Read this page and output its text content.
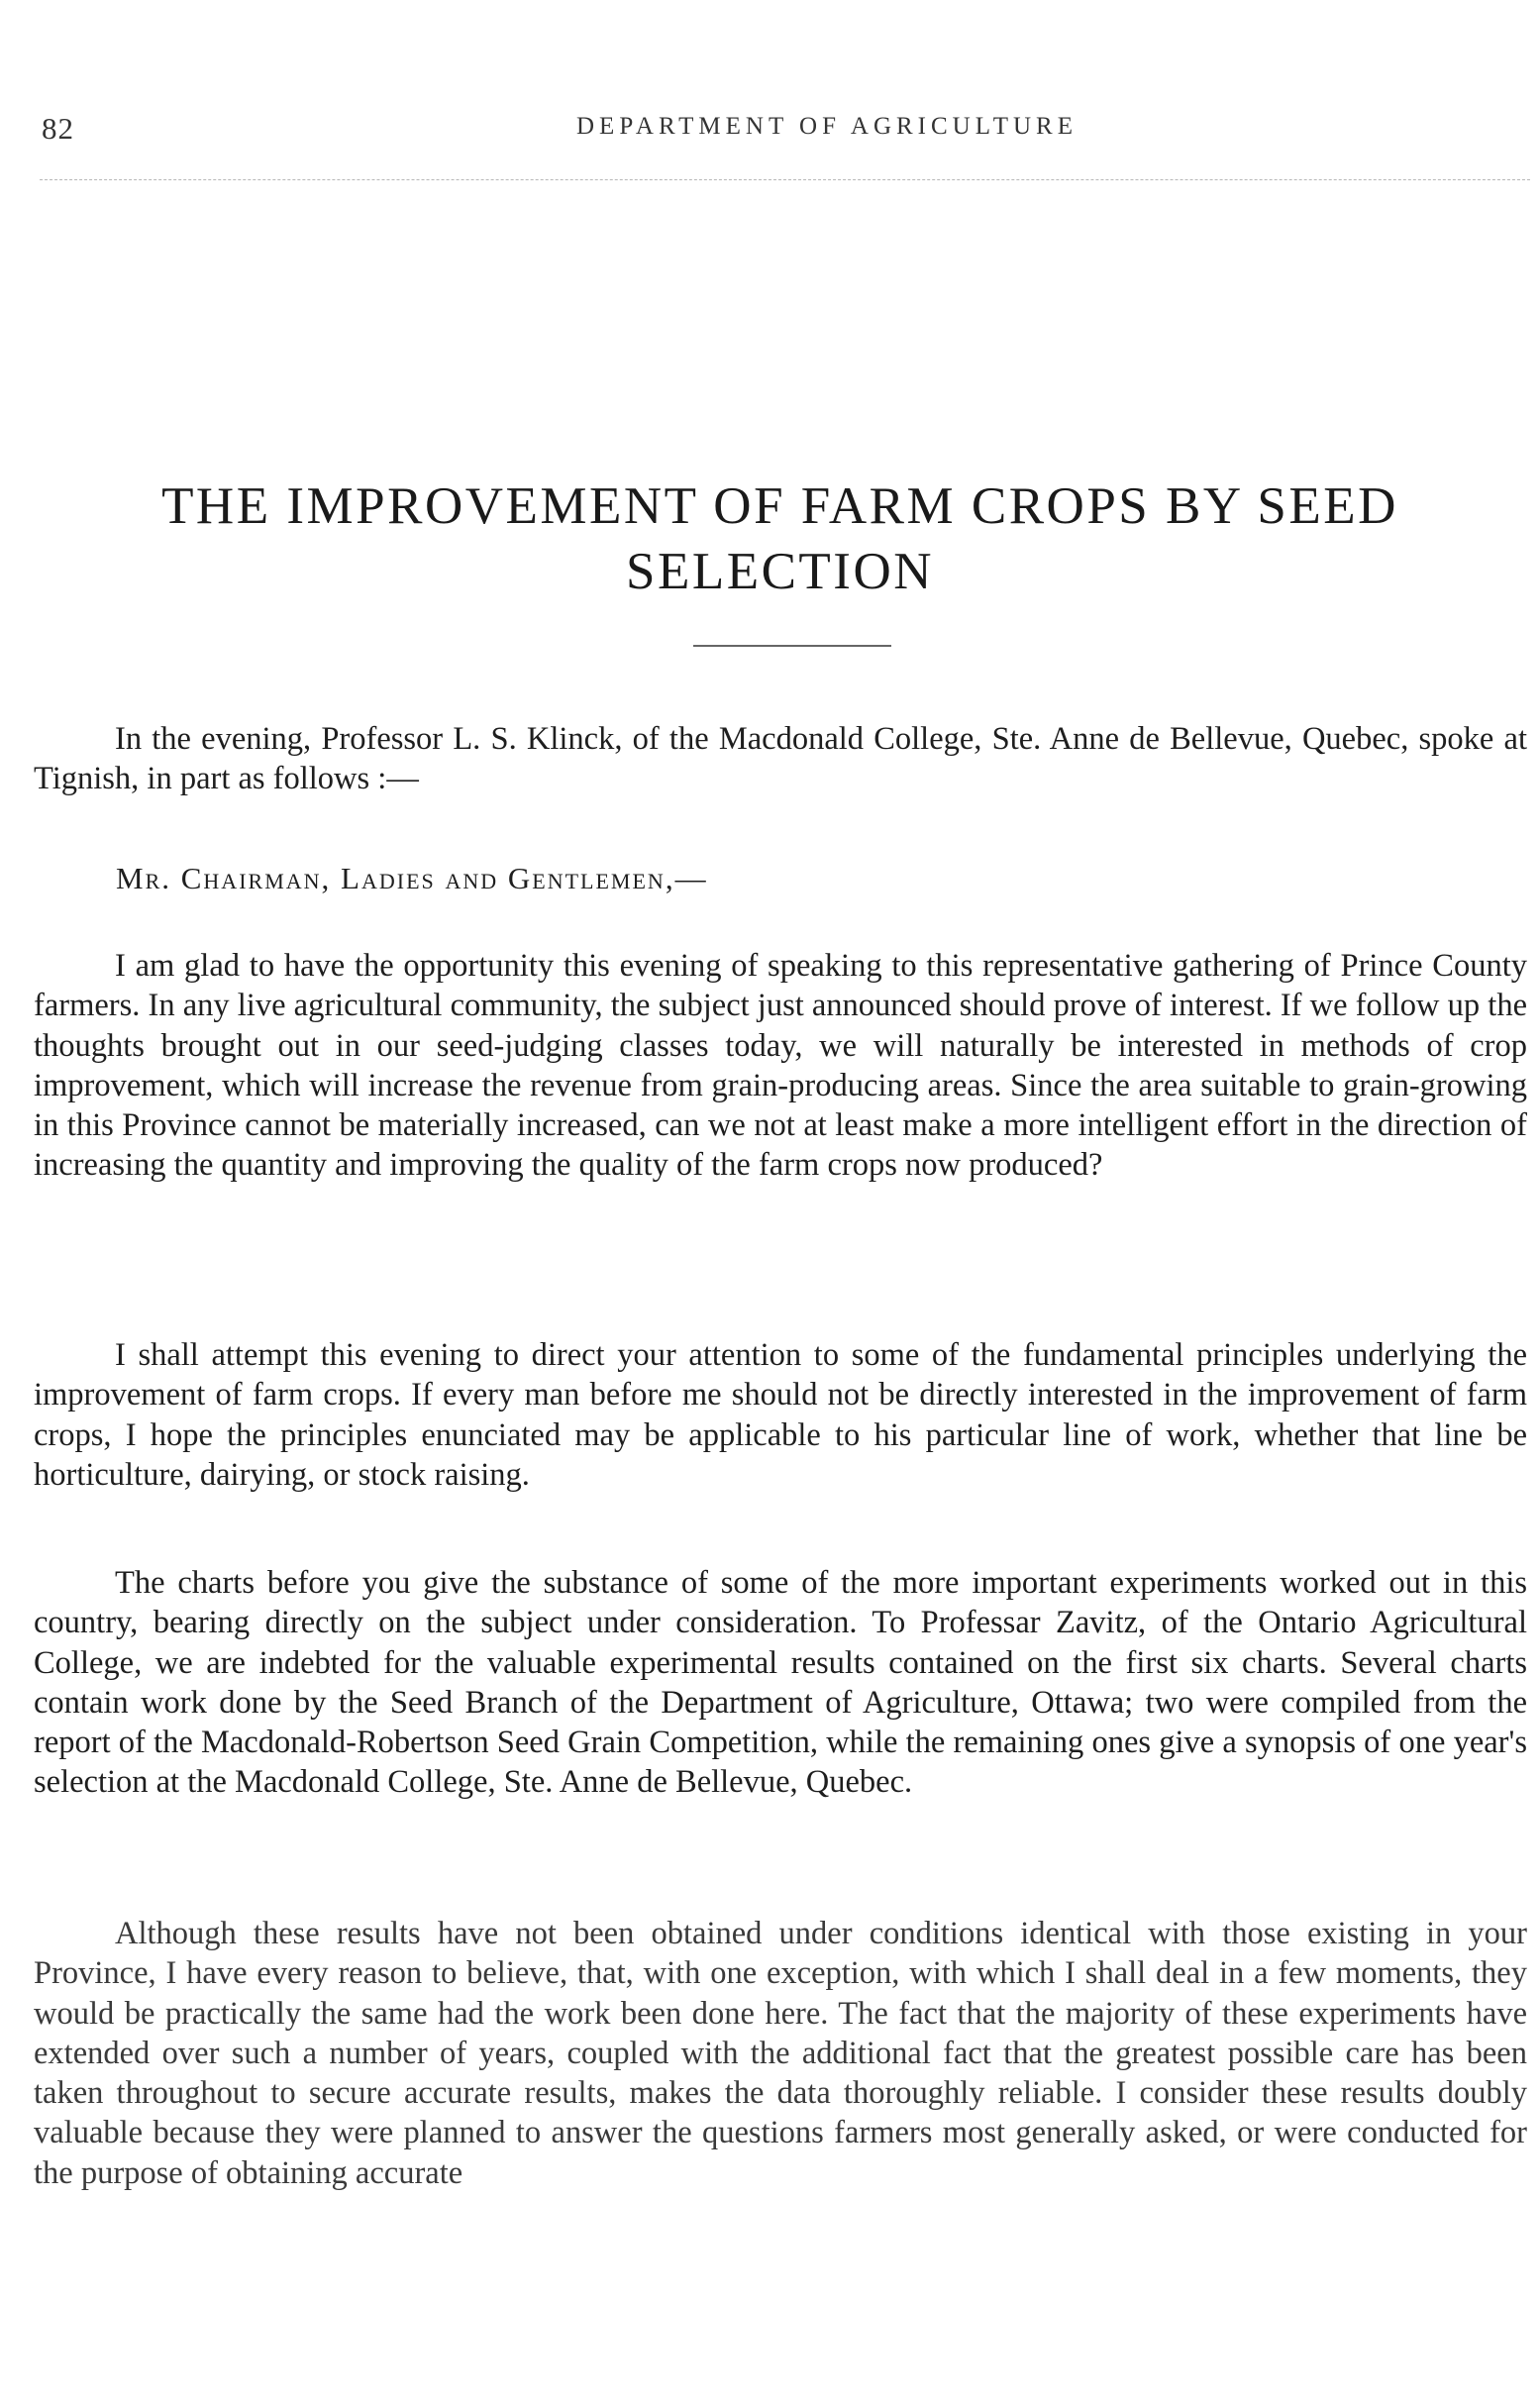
82	DEPARTMENT OF AGRICULTURE
THE IMPROVEMENT OF FARM CROPS BY SEED SELECTION

In the evening, Professor L. S. Klinck, of the Macdonald College, Ste. Anne de Bellevue, Quebec, spoke at Tignish, in part as follows :—

Mr. Chairman, Ladies and Gentlemen,—

I am glad to have the opportunity this evening of speaking to this representative gathering of Prince County farmers. In any live agricultural community, the subject just announced should prove of interest. If we follow up the thoughts brought out in our seed-judging classes today, we will naturally be interested in methods of crop improvement, which will increase the revenue from grain-producing areas. Since the area suitable to grain-growing in this Province cannot be materially increased, can we not at least make a more intelligent effort in the direction of increasing the quantity and improving the quality of the farm crops now produced?

I shall attempt this evening to direct your attention to some of the fundamental principles underlying the improvement of farm crops. If every man before me should not be directly interested in the improvement of farm crops, I hope the principles enunciated may be applicable to his particular line of work, whether that line be horticulture, dairying, or stock raising.

The charts before you give the substance of some of the more important experiments worked out in this country, bearing directly on the subject under consideration. To Professar Zavitz, of the Ontario Agricultural College, we are indebted for the valuable experimental results contained on the first six charts. Several charts contain work done by the Seed Branch of the Department of Agriculture, Ottawa; two were compiled from the report of the Macdonald-Robertson Seed Grain Competition, while the remaining ones give a synopsis of one year's selection at the Macdonald College, Ste. Anne de Bellevue, Quebec.

Although these results have not been obtained under conditions identical with those existing in your Province, I have every reason to believe, that, with one exception, with which I shall deal in a few moments, they would be practically the same had the work been done here. The fact that the majority of these experiments have extended over such a number of years, coupled with the additional fact that the greatest possible care has been taken throughout to secure accurate results, makes the data thoroughly reliable. I consider these results doubly valuable because they were planned to answer the questions farmers most generally asked, or were conducted for the purpose of obtaining accurate
